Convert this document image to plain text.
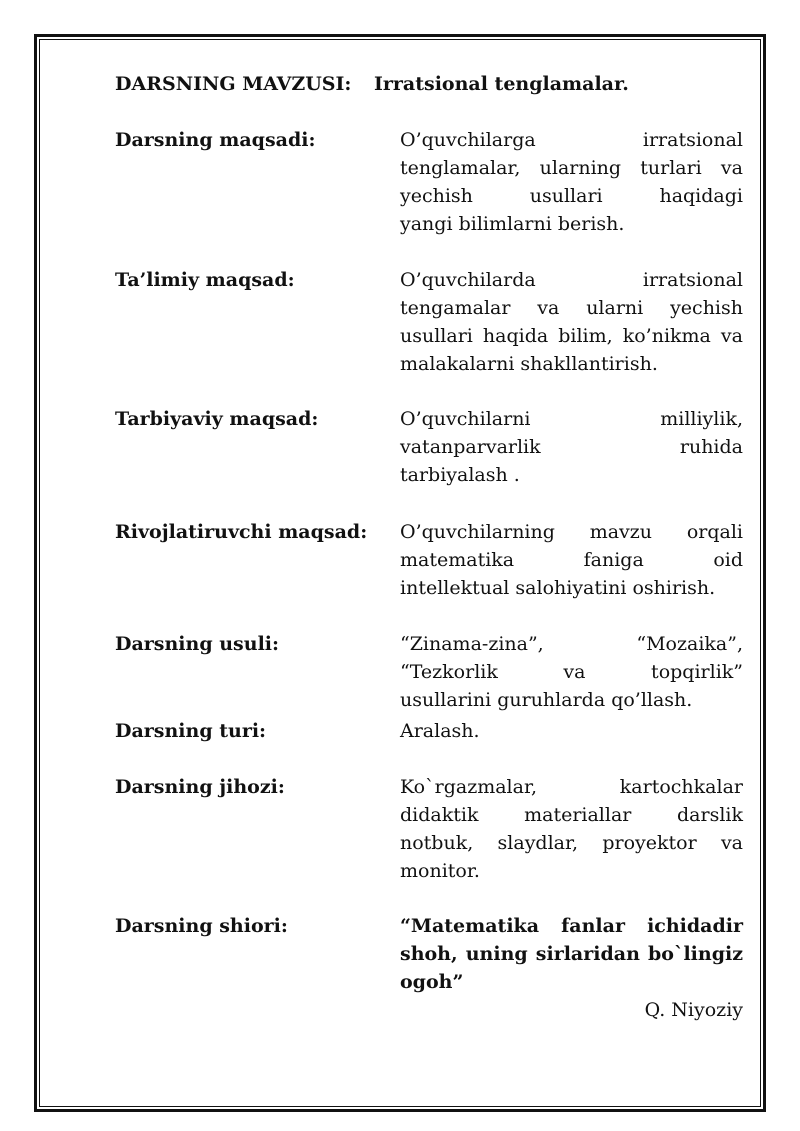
DARSNING MAVZUSI: Irratsional tenglamalar.
Darsning maqsadi:	O’quvchilarga irratsional
tenglamalar, ularning turlari va
yechish usullari haqidagi
yangi bilimlarni berish.
Ta’limiy maqsad:	O’quvchilarda irratsional
tengamalar va ularni yechish
usullari haqida bilim, ko’nikma va
malakalarni shakllantirish.
Tarbiyaviy maqsad:	O’quvchilarni milliylik,
vatanparvarlik ruhida
tarbiyalash .
Rivojlatiruvchi maqsad: O’quvchilarning mavzu orqali
matematika faniga oid
intellektual salohiyatini oshirish.
Darsning usuli:	“Zinama-zina”, “Mozaika”,
“Tezkorlik va topqirlik”
usullarini guruhlarda qo’llash.
Darsning turi:	Aralash.
Darsning jihozi:	Ko`rgazmalar, kartochkalar
didaktik materiallar darslik
notbuk, slaydlar, proyektor va
monitor.
Darsning shiori:	“Matematika fanlar ichidadir
shoh, uning sirlaridan bo`lingiz
ogoh”
Q. Niyoziy
